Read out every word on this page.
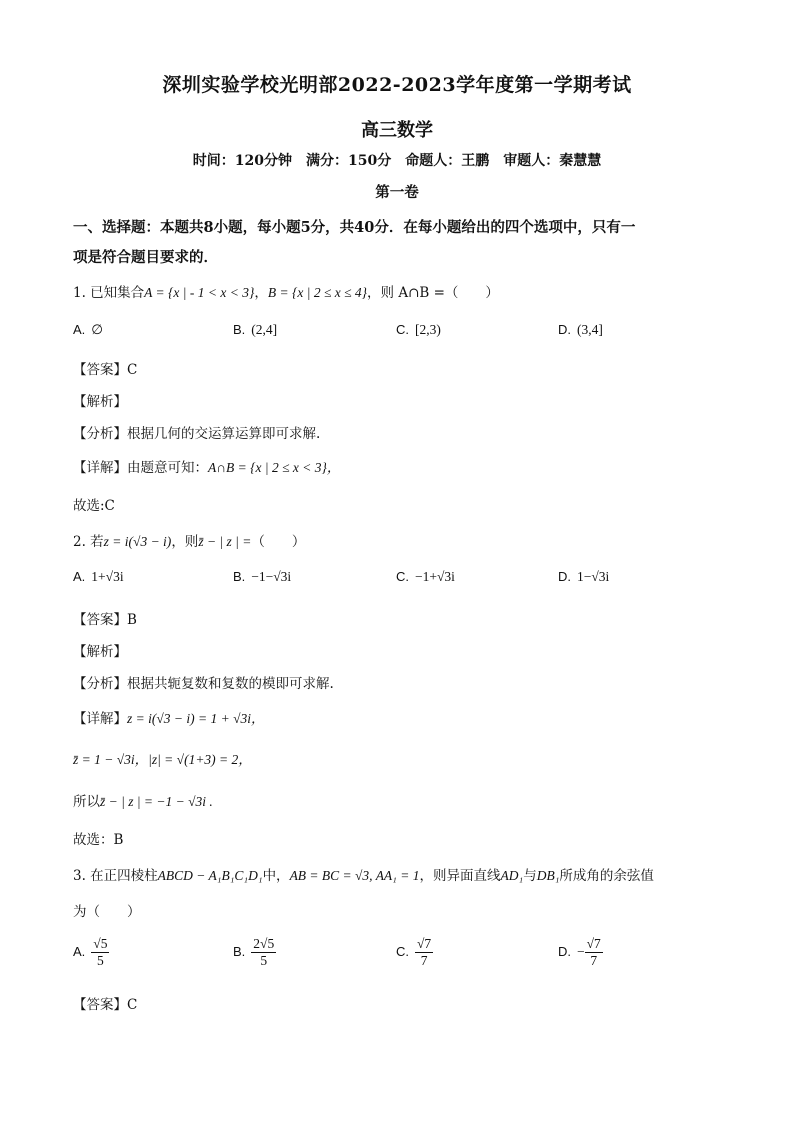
深圳实验学校光明部2022-2023学年度第一学期考试
高三数学
时间：120分钟　满分：150分　命题人：王鹏　审题人：秦慧慧
第一卷
一、选择题：本题共8小题，每小题5分，共40分．在每小题给出的四个选项中，只有一
项是符合题目要求的．
1. 已知集合A = {x | - 1 < x < 3}，B = {x | 2 ≤ x ≤ 4}，则 A∩B =（　　）
A. ∅	B. (2,4]	C. [2,3)	D. (3,4]
【答案】C
【解析】
【分析】根据几何的交运算运算即可求解.
【详解】由题意可知：A∩B = {x | 2 ≤ x < 3}，
故选:C
2. 若z = i(√3 − i)，则z̄ − | z | =（　　）
A. 1+√3i	B. −1−√3i	C. −1+√3i	D. 1−√3i
【答案】B
【解析】
【分析】根据共轭复数和复数的模即可求解.
【详解】z = i(√3 − i) = 1 + √3i，
z̄ = 1 − √3i，|z| = √(1+3) = 2，
所以z̄ − | z | = −1 − √3i .
故选：B
3. 在正四棱柱ABCD − A₁B₁C₁D₁中，AB = BC = √3, AA₁ = 1，则异面直线AD₁与DB₁所成角的余弦值
为（　　）
A. $\frac{√5}{5}$	B. $\frac{2√5}{5}$	C. $\frac{√7}{7}$	D. − $\frac{√7}{7}$
【答案】C
